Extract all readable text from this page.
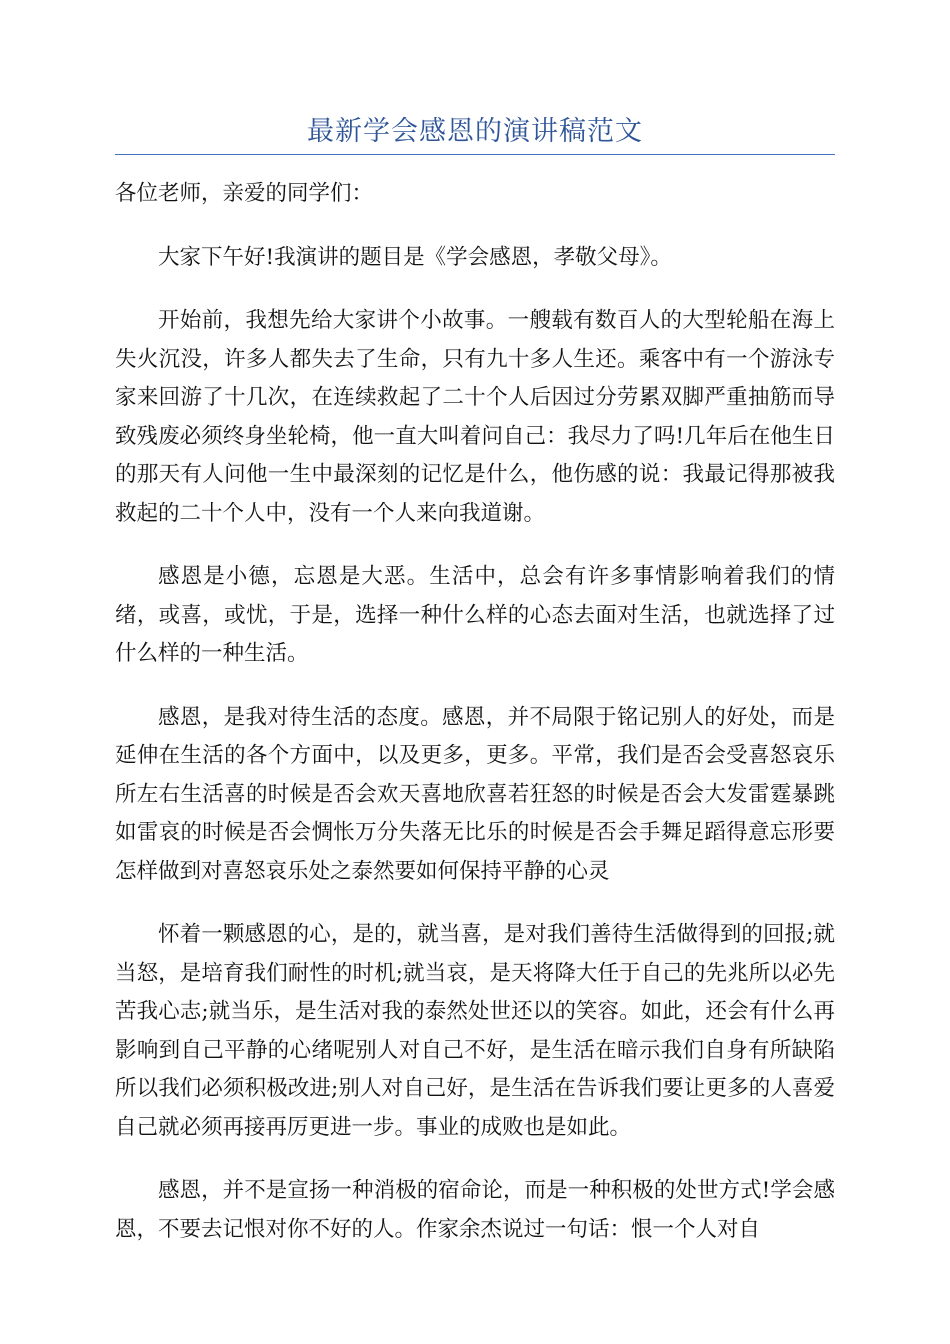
最新学会感恩的演讲稿范文

各位老师，亲爱的同学们：

大家下午好!我演讲的题目是《学会感恩，孝敬父母》。

开始前，我想先给大家讲个小故事。一艘载有数百人的大型轮船在海上失火沉没，许多人都失去了生命，只有九十多人生还。乘客中有一个游泳专家来回游了十几次，在连续救起了二十个人后因过分劳累双脚严重抽筋而导致残废必须终身坐轮椅，他一直大叫着问自己：我尽力了吗!几年后在他生日的那天有人问他一生中最深刻的记忆是什么，他伤感的说：我最记得那被我救起的二十个人中，没有一个人来向我道谢。

感恩是小德，忘恩是大恶。生活中，总会有许多事情影响着我们的情绪，或喜，或忧，于是，选择一种什么样的心态去面对生活，也就选择了过什么样的一种生活。

感恩，是我对待生活的态度。感恩，并不局限于铭记别人的好处，而是延伸在生活的各个方面中，以及更多，更多。平常，我们是否会受喜怒哀乐所左右生活喜的时候是否会欢天喜地欣喜若狂怒的时候是否会大发雷霆暴跳如雷哀的时候是否会惆怅万分失落无比乐的时候是否会手舞足蹈得意忘形要怎样做到对喜怒哀乐处之泰然要如何保持平静的心灵

怀着一颗感恩的心，是的，就当喜，是对我们善待生活做得到的回报;就当怒，是培育我们耐性的时机;就当哀，是天将降大任于自己的先兆所以必先苦我心志;就当乐，是生活对我的泰然处世还以的笑容。如此，还会有什么再影响到自己平静的心绪呢别人对自己不好，是生活在暗示我们自身有所缺陷所以我们必须积极改进;别人对自己好，是生活在告诉我们要让更多的人喜爱自己就必须再接再厉更进一步。事业的成败也是如此。

感恩，并不是宣扬一种消极的宿命论，而是一种积极的处世方式!学会感恩，不要去记恨对你不好的人。作家余杰说过一句话：恨一个人对自
